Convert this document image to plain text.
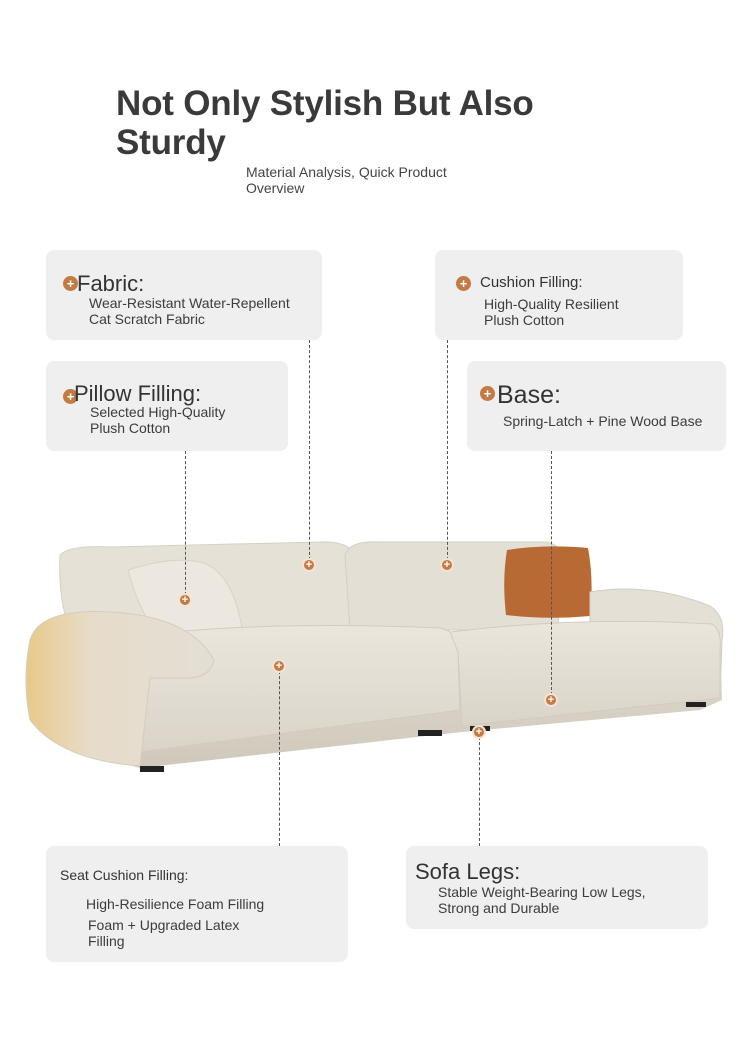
Not Only Stylish But Also Sturdy
Material Analysis, Quick Product Overview
+ Fabric:
Wear-Resistant Water-Repellent Cat Scratch Fabric
+ Cushion Filling:
High-Quality Resilient Plush Cotton
+ Pillow Filling:
Selected High-Quality Plush Cotton
+ Base:
Spring-Latch + Pine Wood Base
+	+
+
+
+
+
Seat Cushion Filling:
High-Resilience Foam Filling
Foam + Upgraded Latex Filling
Sofa Legs:
Stable Weight-Bearing Low Legs, Strong and Durable
